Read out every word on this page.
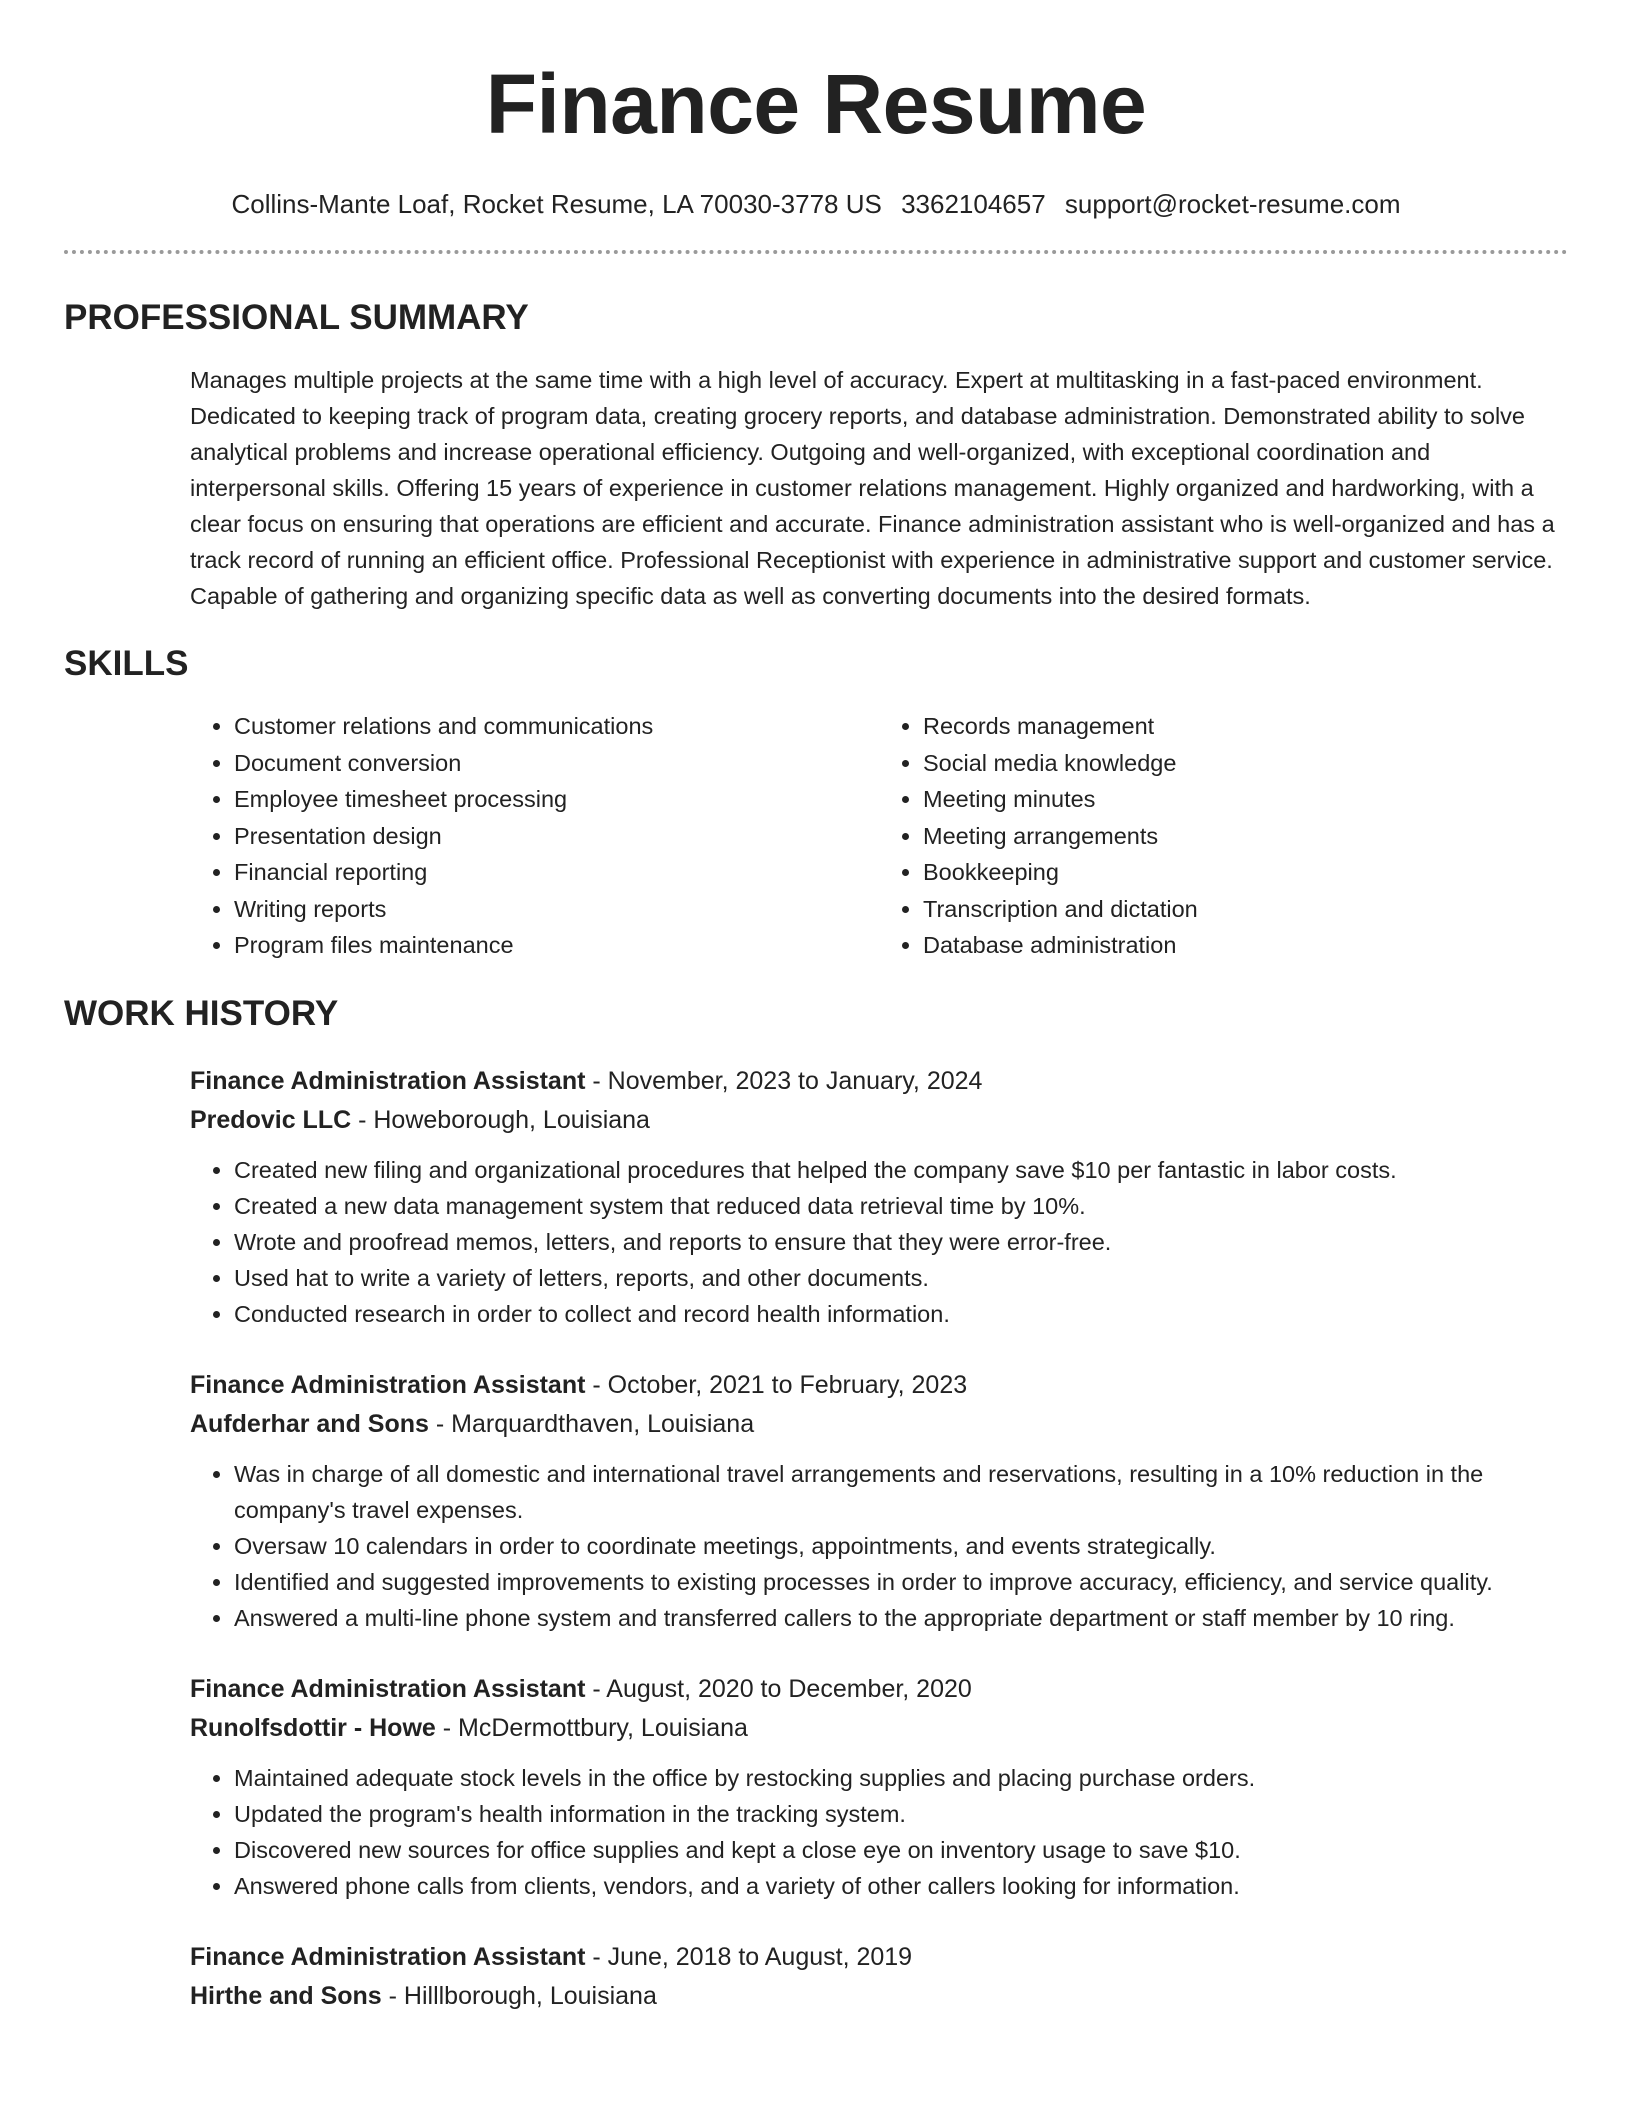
Finance Resume
Collins-Mante Loaf, Rocket Resume, LA 70030-3778 US 3362104657 support@rocket-resume.com
PROFESSIONAL SUMMARY
Manages multiple projects at the same time with a high level of accuracy. Expert at multitasking in a fast-paced environment. Dedicated to keeping track of program data, creating grocery reports, and database administration. Demonstrated ability to solve analytical problems and increase operational efficiency. Outgoing and well-organized, with exceptional coordination and interpersonal skills. Offering 15 years of experience in customer relations management. Highly organized and hardworking, with a clear focus on ensuring that operations are efficient and accurate. Finance administration assistant who is well-organized and has a track record of running an efficient office. Professional Receptionist with experience in administrative support and customer service. Capable of gathering and organizing specific data as well as converting documents into the desired formats.
SKILLS
• Customer relations and communications
• Document conversion
• Employee timesheet processing
• Presentation design
• Financial reporting
• Writing reports
• Program files maintenance
• Records management
• Social media knowledge
• Meeting minutes
• Meeting arrangements
• Bookkeeping
• Transcription and dictation
• Database administration
WORK HISTORY
Finance Administration Assistant - November, 2023 to January, 2024
Predovic LLC - Howeborough, Louisiana
• Created new filing and organizational procedures that helped the company save $10 per fantastic in labor costs.
• Created a new data management system that reduced data retrieval time by 10%.
• Wrote and proofread memos, letters, and reports to ensure that they were error-free.
• Used hat to write a variety of letters, reports, and other documents.
• Conducted research in order to collect and record health information.
Finance Administration Assistant - October, 2021 to February, 2023
Aufderhar and Sons - Marquardthaven, Louisiana
• Was in charge of all domestic and international travel arrangements and reservations, resulting in a 10% reduction in the company's travel expenses.
• Oversaw 10 calendars in order to coordinate meetings, appointments, and events strategically.
• Identified and suggested improvements to existing processes in order to improve accuracy, efficiency, and service quality.
• Answered a multi-line phone system and transferred callers to the appropriate department or staff member by 10 ring.
Finance Administration Assistant - August, 2020 to December, 2020
Runolfsdottir - Howe - McDermottbury, Louisiana
• Maintained adequate stock levels in the office by restocking supplies and placing purchase orders.
• Updated the program's health information in the tracking system.
• Discovered new sources for office supplies and kept a close eye on inventory usage to save $10.
• Answered phone calls from clients, vendors, and a variety of other callers looking for information.
Finance Administration Assistant - June, 2018 to August, 2019
Hirthe and Sons - Hilllborough, Louisiana
